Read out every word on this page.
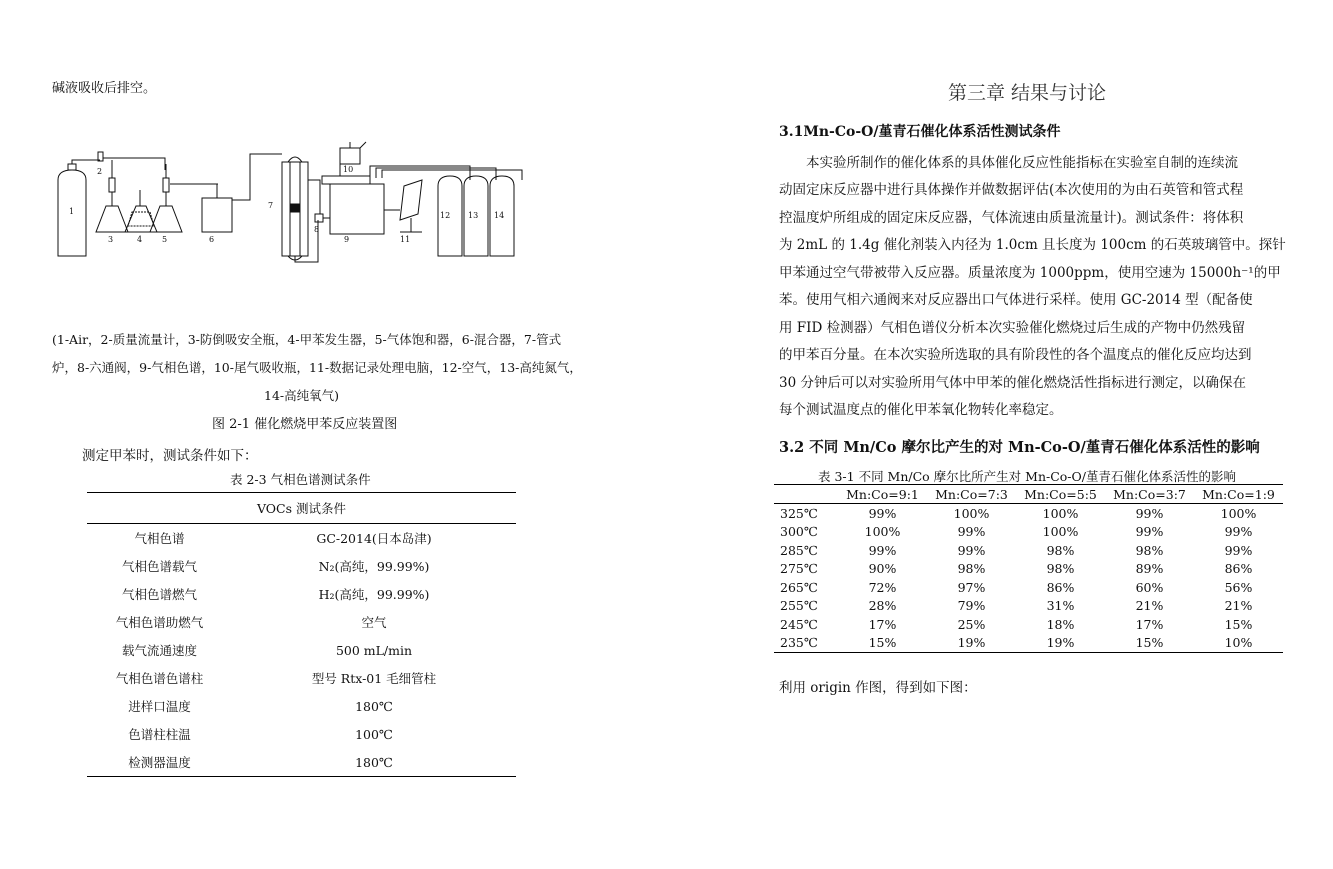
碱液吸收后排空。
1
2
3	4 5	6
7
8
9
10
11
12 13 14
(1-Air，2-质量流量计，3-防倒吸安全瓶，4-甲苯发生器，5-气体饱和器，6-混合器，7-管式
炉，8-六通阀，9-气相色谱，10-尾气吸收瓶，11-数据记录处理电脑，12-空气，13-高纯氮气，
14-高纯氧气)
图 2-1 催化燃烧甲苯反应装置图
测定甲苯时，测试条件如下：
表 2-3 气相色谱测试条件
VOCs 测试条件	
气相色谱	GC-2014(日本岛津)
气相色谱载气	N₂(高纯，99.99%)
气相色谱燃气	H₂(高纯，99.99%)
气相色谱助燃气	空气
载气流通速度	500 mL/min
气相色谱色谱柱	型号 Rtx-01 毛细管柱
进样口温度	180℃
色谱柱柱温	100℃
检测器温度	180℃
第三章 结果与讨论
3.1Mn-Co-O/堇青石催化体系活性测试条件
　　本实验所制作的催化体系的具体催化反应性能指标在实验室自制的连续流
动固定床反应器中进行具体操作并做数据评估(本次使用的为由石英管和管式程
控温度炉所组成的固定床反应器，气体流速由质量流量计)。测试条件：将体积
为 2mL 的 1.4g 催化剂装入内径为 1.0cm 且长度为 100cm 的石英玻璃管中。探针
甲苯通过空气带被带入反应器。质量浓度为 1000ppm，使用空速为 15000h⁻¹的甲
苯。使用气相六通阀来对反应器出口气体进行采样。使用 GC-2014 型（配备使
用 FID 检测器）气相色谱仪分析本次实验催化燃烧过后生成的产物中仍然残留
的甲苯百分量。在本次实验所选取的具有阶段性的各个温度点的催化反应均达到
30 分钟后可以对实验所用气体中甲苯的催化燃烧活性指标进行测定，以确保在
每个测试温度点的催化甲苯氧化物转化率稳定。
3.2 不同 Mn/Co 摩尔比产生的对 Mn-Co-O/堇青石催化体系活性的影响
表 3-1 不同 Mn/Co 摩尔比所产生对 Mn-Co-O/堇青石催化体系活性的影响
	Mn:Co=9:1	Mn:Co=7:3	Mn:Co=5:5	Mn:Co=3:7	Mn:Co=1:9
325℃	99%	100%	100%	99%	100%
300℃	100%	99%	100%	99%	99%
285℃	99%	99%	98%	98%	99%
275℃	90%	98%	98%	89%	86%
265℃	72%	97%	86%	60%	56%
255℃	28%	79%	31%	21%	21%
245℃	17%	25%	18%	17%	15%
235℃	15%	19%	19%	15%	10%
利用 origin 作图，得到如下图：
